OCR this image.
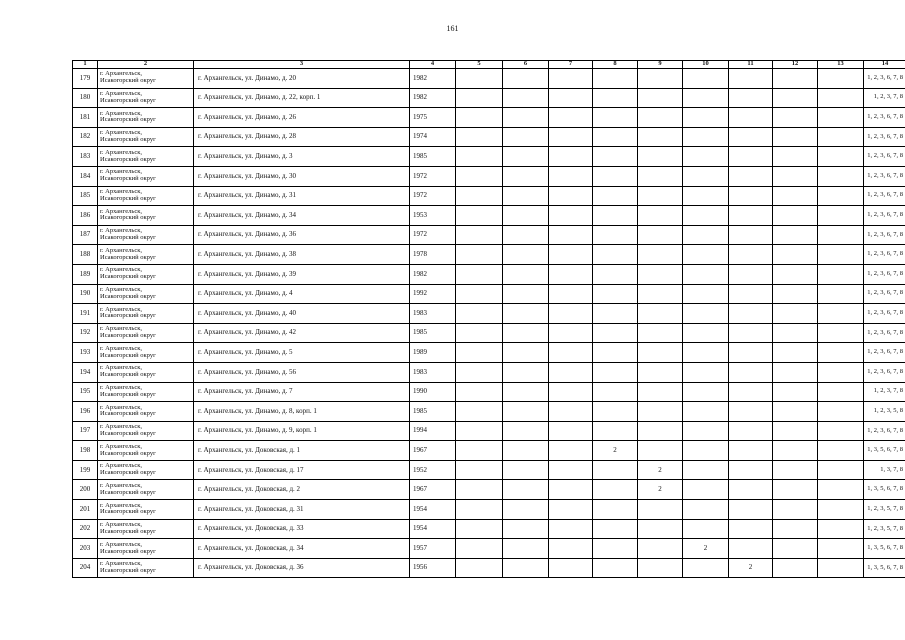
161
1	2	3	4	5	6	7	8	9	10	11	12	13	14
179	г. Архангельск,
Исакогорский округ	г. Архангельск, ул. Динамо, д. 20	1982										1, 2, 3, 6, 7, 8
180	г. Архангельск,
Исакогорский округ	г. Архангельск, ул. Динамо, д. 22, корп. 1	1982										1, 2, 3, 7, 8
181	г. Архангельск,
Исакогорский округ	г. Архангельск, ул. Динамо, д. 26	1975										1, 2, 3, 6, 7, 8
182	г. Архангельск,
Исакогорский округ	г. Архангельск, ул. Динамо, д. 28	1974										1, 2, 3, 6, 7, 8
183	г. Архангельск,
Исакогорский округ	г. Архангельск, ул. Динамо, д. 3	1985										1, 2, 3, 6, 7, 8
184	г. Архангельск,
Исакогорский округ	г. Архангельск, ул. Динамо, д. 30	1972										1, 2, 3, 6, 7, 8
185	г. Архангельск,
Исакогорский округ	г. Архангельск, ул. Динамо, д. 31	1972										1, 2, 3, 6, 7, 8
186	г. Архангельск,
Исакогорский округ	г. Архангельск, ул. Динамо, д. 34	1953										1, 2, 3, 6, 7, 8
187	г. Архангельск,
Исакогорский округ	г. Архангельск, ул. Динамо, д. 36	1972										1, 2, 3, 6, 7, 8
188	г. Архангельск,
Исакогорский округ	г. Архангельск, ул. Динамо, д. 38	1978										1, 2, 3, 6, 7, 8
189	г. Архангельск,
Исакогорский округ	г. Архангельск, ул. Динамо, д. 39	1982										1, 2, 3, 6, 7, 8
190	г. Архангельск,
Исакогорский округ	г. Архангельск, ул. Динамо, д. 4	1992										1, 2, 3, 6, 7, 8
191	г. Архангельск,
Исакогорский округ	г. Архангельск, ул. Динамо, д. 40	1983										1, 2, 3, 6, 7, 8
192	г. Архангельск,
Исакогорский округ	г. Архангельск, ул. Динамо, д. 42	1985										1, 2, 3, 6, 7, 8
193	г. Архангельск,
Исакогорский округ	г. Архангельск, ул. Динамо, д. 5	1989										1, 2, 3, 6, 7, 8
194	г. Архангельск,
Исакогорский округ	г. Архангельск, ул. Динамо, д. 56	1983										1, 2, 3, 6, 7, 8
195	г. Архангельск,
Исакогорский округ	г. Архангельск, ул. Динамо, д. 7	1990										1, 2, 3, 7, 8
196	г. Архангельск,
Исакогорский округ	г. Архангельск, ул. Динамо, д. 8, корп. 1	1985										1, 2, 3, 5, 8
197	г. Архангельск,
Исакогорский округ	г. Архангельск, ул. Динамо, д. 9, корп. 1	1994										1, 2, 3, 6, 7, 8
198	г. Архангельск,
Исакогорский округ	г. Архангельск, ул. Доковская, д. 1	1967				2						1, 3, 5, 6, 7, 8
199	г. Архангельск,
Исакогорский округ	г. Архангельск, ул. Доковская, д. 17	1952					2					1, 3, 7, 8
200	г. Архангельск,
Исакогорский округ	г. Архангельск, ул. Доковская, д. 2	1967					2					1, 3, 5, 6, 7, 8
201	г. Архангельск,
Исакогорский округ	г. Архангельск, ул. Доковская, д. 31	1954										1, 2, 3, 5, 7, 8
202	г. Архангельск,
Исакогорский округ	г. Архангельск, ул. Доковская, д. 33	1954										1, 2, 3, 5, 7, 8
203	г. Архангельск,
Исакогорский округ	г. Архангельск, ул. Доковская, д. 34	1957						2				1, 3, 5, 6, 7, 8
204	г. Архангельск,
Исакогорский округ	г. Архангельск, ул. Доковская, д. 36	1956							2			1, 3, 5, 6, 7, 8
